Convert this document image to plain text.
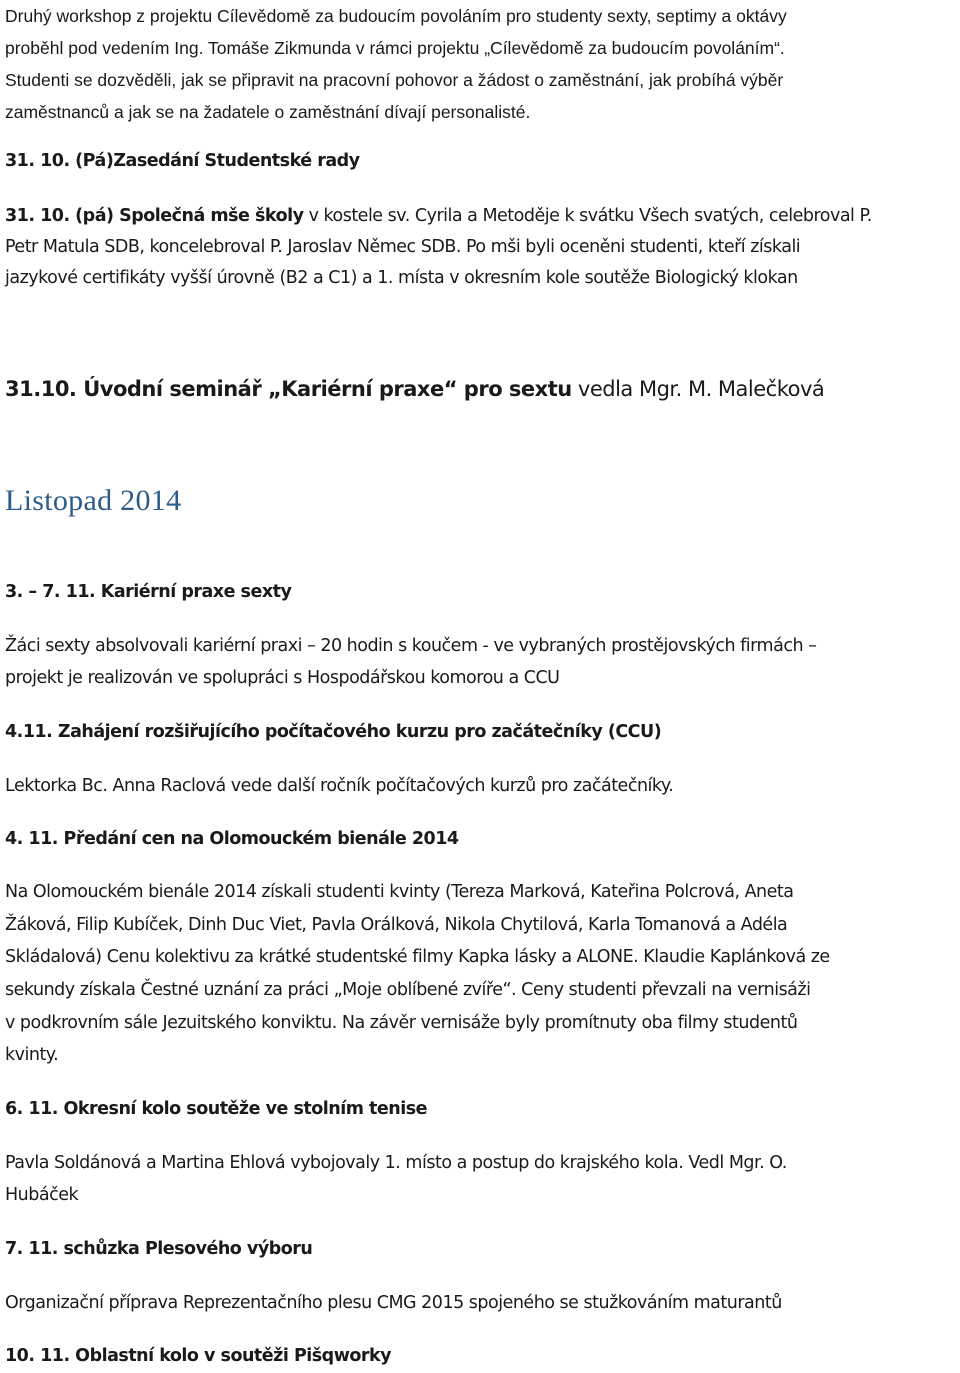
Druhý workshop z projektu Cílevědomě za budoucím povoláním pro studenty sexty, septimy a oktávy

proběhl pod vedením Ing. Tomáše Zikmunda v rámci projektu „Cílevědomě za budoucím povoláním“.

Studenti se dozvěděli, jak se připravit na pracovní pohovor a žádost o zaměstnání, jak probíhá výběr

zaměstnanců a jak se na žadatele o zaměstnání dívají personalisté.

31. 10. (Pá)Zasedání Studentské rady

31. 10. (pá) Společná mše školy v kostele sv. Cyrila a Metoděje k svátku Všech svatých, celebroval P.

Petr Matula SDB, koncelebroval P. Jaroslav Němec SDB. Po mši byli oceněni studenti, kteří získali

jazykové certifikáty vyšší úrovně (B2 a C1) a 1. místa v okresním kole soutěže Biologický klokan

31.10. Úvodní seminář „Kariérní praxe“ pro sextu vedla Mgr. M. Malečková

Listopad 2014

3. – 7. 11. Kariérní praxe sexty

Žáci sexty absolvovali kariérní praxi – 20 hodin s koučem - ve vybraných prostějovských firmách –

projekt je realizován ve spolupráci s Hospodářskou komorou a CCU

4.11. Zahájení rozšiřujícího počítačového kurzu pro začátečníky (CCU)

Lektorka Bc. Anna Raclová vede další ročník počítačových kurzů pro začátečníky.

4. 11. Předání cen na Olomouckém bienále 2014

Na Olomouckém bienále 2014 získali studenti kvinty (Tereza Marková, Kateřina Polcrová, Aneta

Žáková, Filip Kubíček, Dinh Duc Viet, Pavla Orálková, Nikola Chytilová, Karla Tomanová a Adéla

Skládalová) Cenu kolektivu za krátké studentské filmy Kapka lásky a ALONE. Klaudie Kaplánková ze

sekundy získala Čestné uznání za práci „Moje oblíbené zvíře“. Ceny studenti převzali na vernisáži

v podkrovním sále Jezuitského konviktu. Na závěr vernisáže byly promítnuty oba filmy studentů

kvinty.

6. 11. Okresní kolo soutěže ve stolním tenise

Pavla Soldánová a Martina Ehlová vybojovaly 1. místo a postup do krajského kola. Vedl Mgr. O.

Hubáček

7. 11. schůzka Plesového výboru

Organizační příprava Reprezentačního plesu CMG 2015 spojeného se stužkováním maturantů

10. 11. Oblastní kolo v soutěži Pišqworky
